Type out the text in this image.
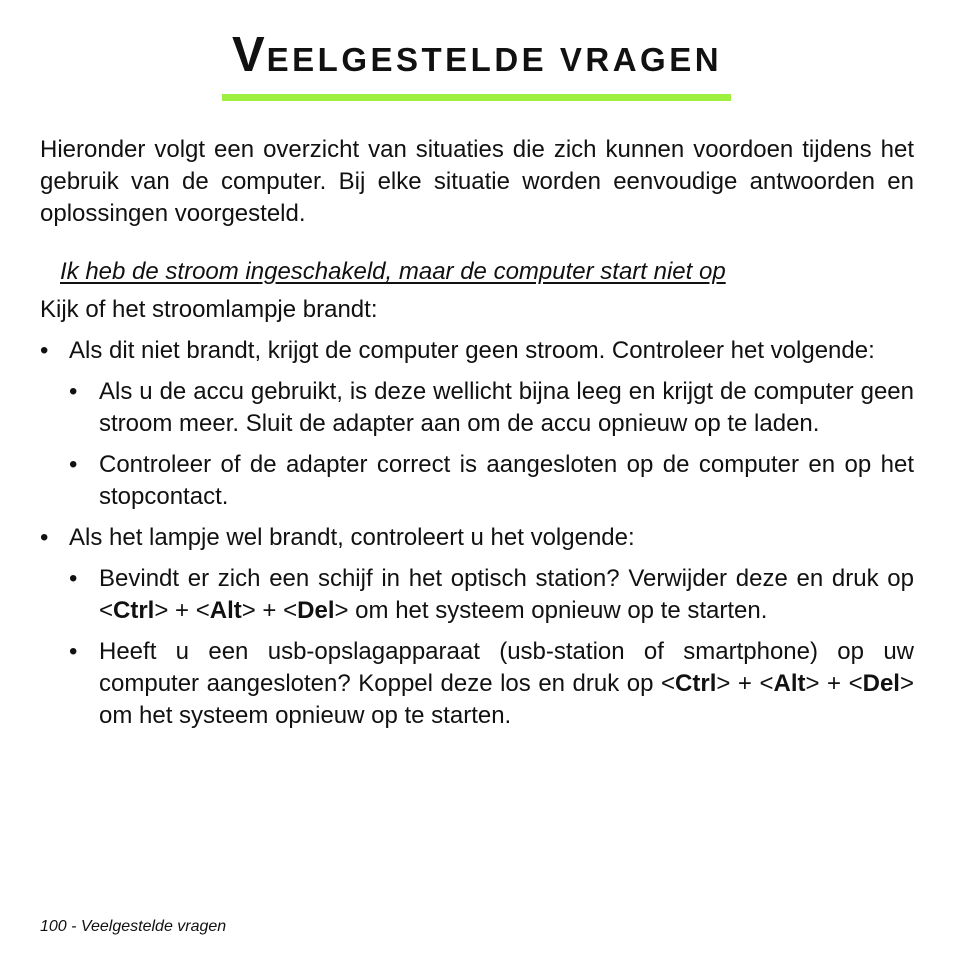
VEELGESTELDE VRAGEN

Hieronder volgt een overzicht van situaties die zich kunnen voordoen tijdens het gebruik van de computer. Bij elke situatie worden eenvoudige antwoorden en oplossingen voorgesteld.

Ik heb de stroom ingeschakeld, maar de computer start niet op

Kijk of het stroomlampje brandt:

• Als dit niet brandt, krijgt de computer geen stroom. Controleer het volgende:
• Als u de accu gebruikt, is deze wellicht bijna leeg en krijgt de computer geen stroom meer. Sluit de adapter aan om de accu opnieuw op te laden.
• Controleer of de adapter correct is aangesloten op de computer en op het stopcontact.
• Als het lampje wel brandt, controleert u het volgende:
• Bevindt er zich een schijf in het optisch station? Verwijder deze en druk op <Ctrl> + <Alt> + <Del> om het systeem opnieuw op te starten.
• Heeft u een usb-opslagapparaat (usb-station of smartphone) op uw computer aangesloten? Koppel deze los en druk op <Ctrl> + <Alt> + <Del> om het systeem opnieuw op te starten.
100 - Veelgestelde vragen
